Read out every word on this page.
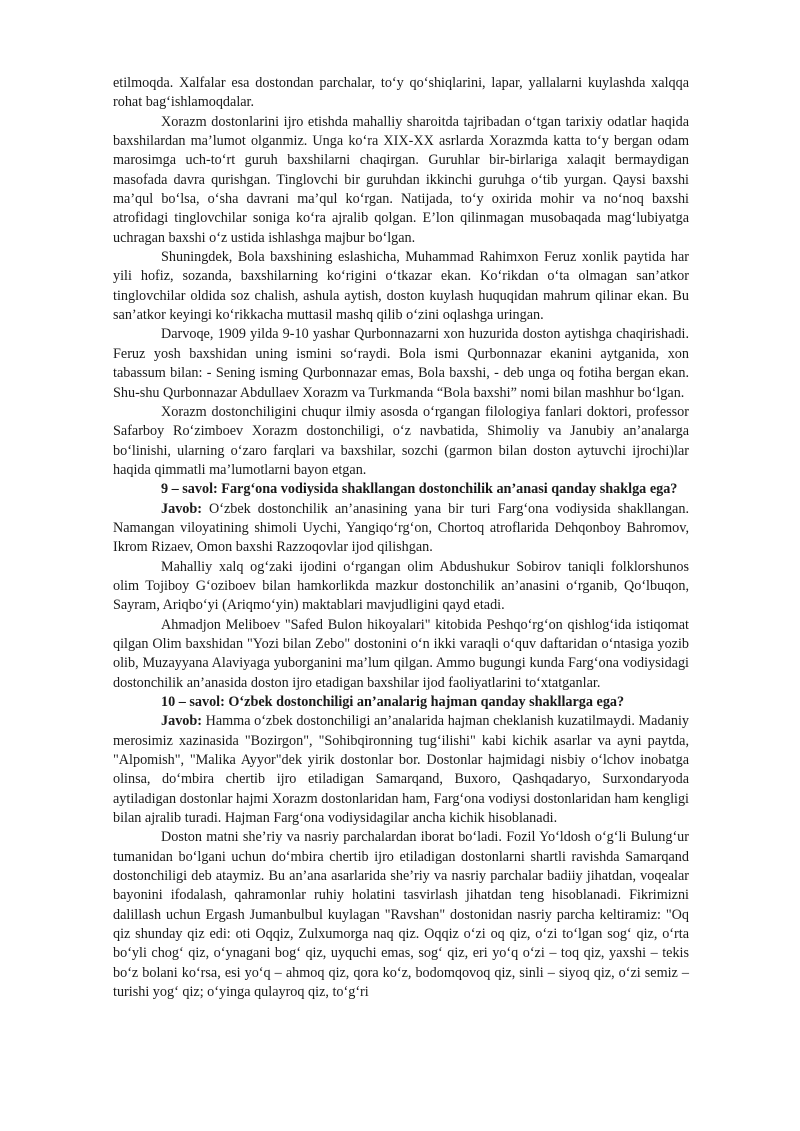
etilmoqda. Xalfalar esa dostondan parchalar, to‘y qo‘shiqlarini, lapar, yallalarni kuylashda xalqqa rohat bag‘ishlamoqdalar.

Xorazm dostonlarini ijro etishda mahalliy sharoitda tajribadan o‘tgan tarixiy odatlar haqida baxshilardan ma’lumot olganmiz. Unga ko‘ra XIX-XX asrlarda Xorazmda katta to‘y bergan odam marosimga uch-to‘rt guruh baxshilarni chaqirgan. Guruhlar bir-birlariga xalaqit bermaydigan masofada davra qurishgan. Tinglovchi bir guruhdan ikkinchi guruhga o‘tib yurgan. Qaysi baxshi ma’qul bo‘lsa, o‘sha davrani ma’qul ko‘rgan. Natijada, to‘y oxirida mohir va no‘noq baxshi atrofidagi tinglovchilar soniga ko‘ra ajralib qolgan. E’lon qilinmagan musobaqada mag‘lubiyatga uchragan baxshi o‘z ustida ishlashga majbur bo‘lgan.

Shuningdek, Bola baxshining eslashicha, Muhammad Rahimxon Feruz xonlik paytida har yili hofiz, sozanda, baxshilarning ko‘rigini o‘tkazar ekan. Ko‘rikdan o‘ta olmagan san’atkor tinglovchilar oldida soz chalish, ashula aytish, doston kuylash huquqidan mahrum qilinar ekan. Bu san’atkor keyingi ko‘rikkacha muttasil mashq qilib o‘zini oqlashga uringan.

Darvoqe, 1909 yilda 9-10 yashar Qurbonnazarni xon huzurida doston aytishga chaqirishadi. Feruz yosh baxshidan uning ismini so‘raydi. Bola ismi Qurbonnazar ekanini aytganida, xon tabassum bilan: - Sening isming Qurbonnazar emas, Bola baxshi, - deb unga oq fotiha bergan ekan. Shu-shu Qurbonnazar Abdullaev Xorazm va Turkmanda “Bola baxshi” nomi bilan mashhur bo‘lgan.

Xorazm dostonchiligini chuqur ilmiy asosda o‘rgangan filologiya fanlari doktori, professor Safarboy Ro‘zimboev Xorazm dostonchiligi, o‘z navbatida, Shimoliy va Janubiy an’analarga bo‘linishi, ularning o‘zaro farqlari va baxshilar, sozchi (garmon bilan doston aytuvchi ijrochi)lar haqida qimmatli ma’lumotlarni bayon etgan.

9 – savol: Farg‘ona vodiysida shakllangan dostonchilik an’anasi qanday shaklga ega?

Javob: O‘zbek dostonchilik an’anasining yana bir turi Farg‘ona vodiysida shakllangan. Namangan viloyatining shimoli Uychi, Yangiqo‘rg‘on, Chortoq atroflarida Dehqonboy Bahromov, Ikrom Rizaev, Omon baxshi Razzoqovlar ijod qilishgan.

Mahalliy xalq og‘zaki ijodini o‘rgangan olim Abdushukur Sobirov taniqli folklorshunos olim Tojiboy G‘oziboev bilan hamkorlikda mazkur dostonchilik an’anasini o‘rganib, Qo‘lbuqon, Sayram, Ariqbo‘yi (Ariqmo‘yin) maktablari mavjudligini qayd etadi.

Ahmadjon Meliboev "Safed Bulon hikoyalari" kitobida Peshqo‘rg‘on qishlog‘ida istiqomat qilgan Olim baxshidan "Yozi bilan Zebo" dostonini o‘n ikki varaqli o‘quv daftaridan o‘ntasiga yozib olib, Muzayyana Alaviyaga yuborganini ma’lum qilgan. Ammo bugungi kunda Farg‘ona vodiysidagi dostonchilik an’anasida doston ijro etadigan baxshilar ijod faoliyatlarini to‘xtatganlar.

10 – savol: O‘zbek dostonchiligi an’analarig hajman qanday shakllarga ega?

Javob: Hamma o‘zbek dostonchiligi an’analarida hajman cheklanish kuzatilmaydi. Madaniy merosimiz xazinasida "Bozirgon", "Sohibqironning tug‘ilishi" kabi kichik asarlar va ayni paytda, "Alpomish", "Malika Ayyor"dek yirik dostonlar bor. Dostonlar hajmidagi nisbiy o‘lchov inobatga olinsa, do‘mbira chertib ijro etiladigan Samarqand, Buxoro, Qashqadaryo, Surxondaryoda aytiladigan dostonlar hajmi Xorazm dostonlaridan ham, Farg‘ona vodiysi dostonlaridan ham kengligi bilan ajralib turadi. Hajman Farg‘ona vodiysidagilar ancha kichik hisoblanadi.

Doston matni she’riy va nasriy parchalardan iborat bo‘ladi. Fozil Yo‘ldosh o‘g‘li Bulung‘ur tumanidan bo‘lgani uchun do‘mbira chertib ijro etiladigan dostonlarni shartli ravishda Samarqand dostonchiligi deb ataymiz. Bu an’ana asarlarida she’riy va nasriy parchalar badiiy jihatdan, voqealar bayonini ifodalash, qahramonlar ruhiy holatini tasvirlash jihatdan teng hisoblanadi. Fikrimizni dalillash uchun Ergash Jumanbulbul kuylagan "Ravshan" dostonidan nasriy parcha keltiramiz: "Oq qiz shunday qiz edi: oti Oqqiz, Zulxumorga naq qiz. Oqqiz o‘zi oq qiz, o‘zi to‘lgan sog‘ qiz, o‘rta bo‘yli chog‘ qiz, o‘ynagani bog‘ qiz, uyquchi emas, sog‘ qiz, eri yo‘q o‘zi – toq qiz, yaxshi – tekis bo‘z bolani ko‘rsa, esi yo‘q – ahmoq qiz, qora ko‘z, bodomqovoq qiz, sinli – siyoq qiz, o‘zi semiz – turishi yog‘ qiz; o‘yinga qulayroq qiz, to‘g‘ri
